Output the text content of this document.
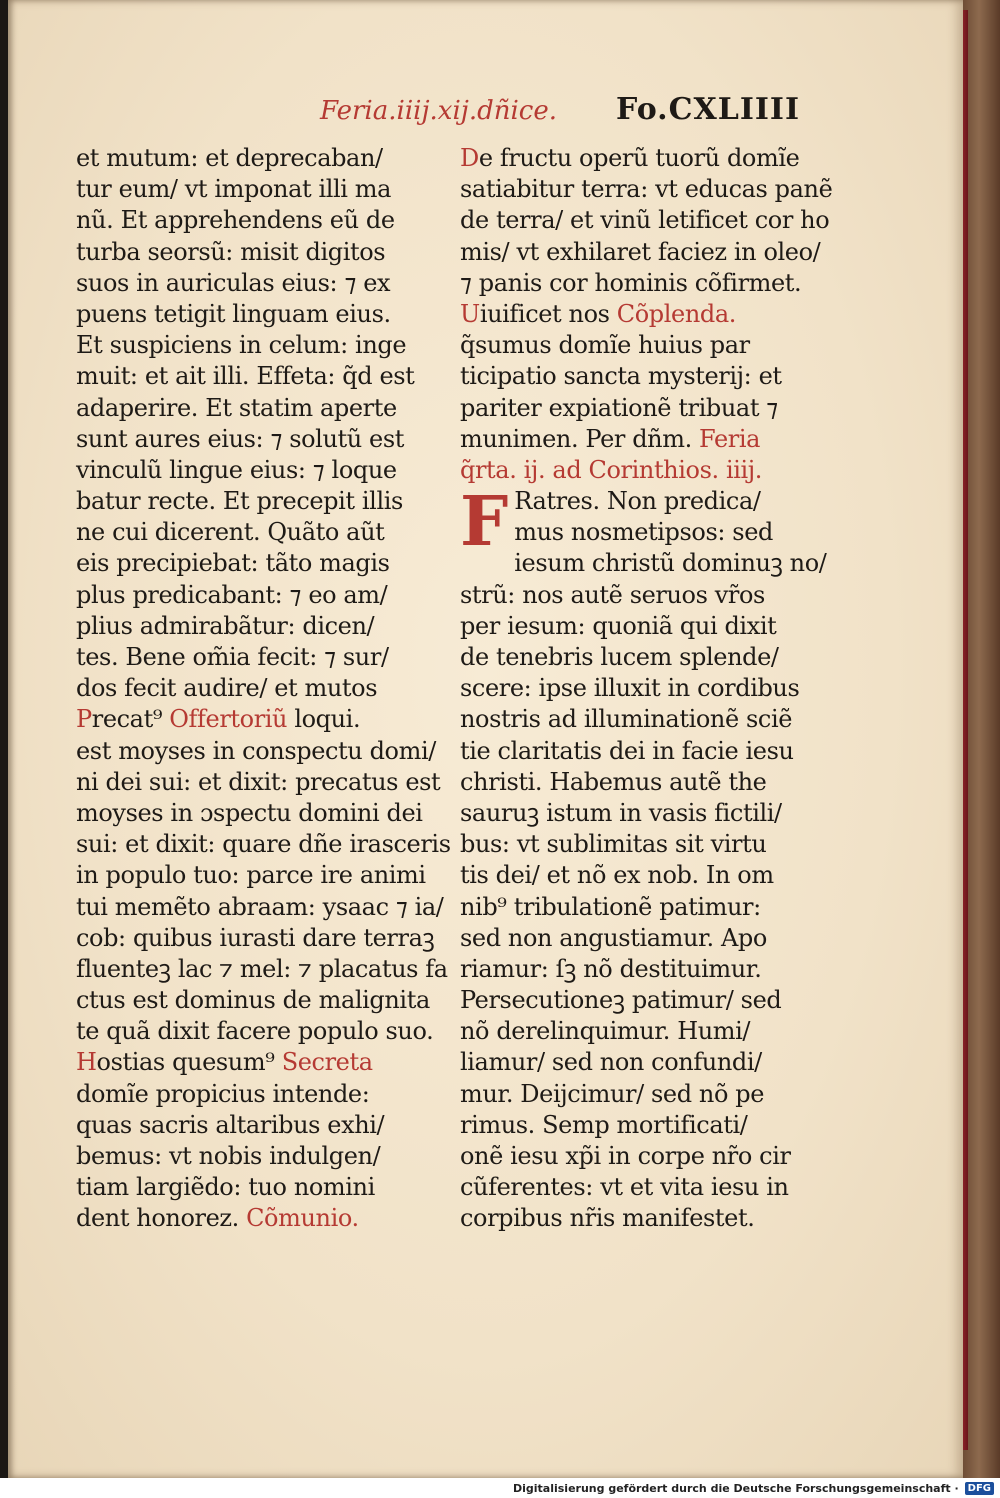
Feria.iiij.xij.dñice. Fo.CXLIIII
et mutum: et deprecaban/
tur eum/ vt imponat illi ma
nũ. Et apprehendens eũ de
turba seorsũ: misit digitos
suos in auriculas eius: ⁊ ex
puens tetigit linguam eius.
Et suspiciens in celum: inge
muit: et ait illi. Effeta: q̃d est
adaperire. Et statim aperte
sunt aures eius: ⁊ solutũ est
vinculũ lingue eius: ⁊ loque
batur recte. Et precepit illis
ne cui dicerent. Quãto aũt
eis precipiebat: tãto magis
plus predicabant: ⁊ eo am/
plius admirabãtur: dicen/
tes. Bene om̃ia fecit: ⁊ sur/
dos fecit audire/ et mutos
Precat⁹ Offertoriũ loqui.
est moyses in conspectu domi/
ni dei sui: et dixit: precatus est
moyses in ɔspectu domini dei
sui: et dixit: quare dñe irasceris
in populo tuo: parce ire animi
tui memẽto abraam: ysaac ⁊ ia/
cob: quibus iurasti dare terraꝫ
fluenteꝫ lac ⁊ mel: ⁊ placatus fa
ctus est dominus de malignita
te quã dixit facere populo suo.
Hostias quesum⁹ Secreta
domĩe propicius intende:
quas sacris altaribus exhi/
bemus: vt nobis indulgen/
tiam largiẽdo: tuo nomini
dent honorez. Cõmunio.
De fructu operũ tuorũ domĩe
satiabitur terra: vt educas panẽ
de terra/ et vinũ letificet cor ho
mis/ vt exhilaret faciez in oleo/
⁊ panis cor hominis cõfirmet.
Uiuificet nos Cõplenda.
q̃sumus domĩe huius par
ticipatio sancta mysterij: et
pariter expiationẽ tribuat ⁊
munimen. Per dñm. Feria
q̃rta. ij. ad Corinthios. iiij.
F Ratres. Non predica/
mus nosmetipsos: sed
iesum christũ dominuꝫ no/
strũ: nos autẽ seruos vr̃os
per iesum: quoniã qui dixit
de tenebris lucem splende/
scere: ipse illuxit in cordibus
nostris ad illuminationẽ sciẽ
tie claritatis dei in facie iesu
christi. Habemus autẽ the
sauruꝫ istum in vasis fictili/
bus: vt sublimitas sit virtu
tis dei/ et nõ ex nob. In om
nib⁹ tribulationẽ patimur:
sed non angustiamur. Apo
riamur: ſꝫ nõ destituimur.
Persecutioneꝫ patimur/ sed
nõ derelinquimur. Humi/
liamur/ sed non confundi/
mur. Deijcimur/ sed nõ pe
rimus. Semp mortificati/
onẽ iesu xp̃i in corpe nr̃o cir
cũferentes: vt et vita iesu in
corpibus nr̃is manifestet.
Digitalisierung gefördert durch die Deutsche Forschungsgemeinschaft · DFG
